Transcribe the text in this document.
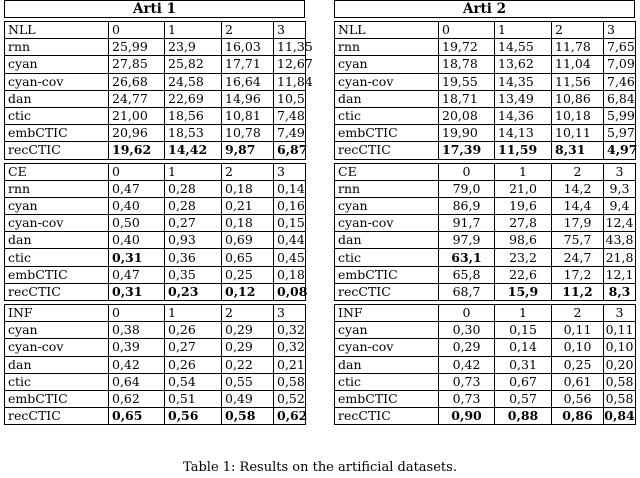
Arti 1
NLL	0	1	2	3
rnn	25,99	23,9	16,03	11,35
cyan	27,85	25,82	17,71	12,67
cyan-cov	26,68	24,58	16,64	11,84
dan	24,77	22,69	14,96	10,5
ctic	21,00	18,56	10,81	7,48
embCTIC	20,96	18,53	10,78	7,49
recCTIC	19,62	14,42	9,87	6,87
CE	0	1	2	3
rnn	0,47	0,28	0,18	0,14
cyan	0,40	0,28	0,21	0,16
cyan-cov	0,50	0,27	0,18	0,15
dan	0,40	0,93	0,69	0,44
ctic	0,31	0,36	0,65	0,45
embCTIC	0,47	0,35	0,25	0,18
recCTIC	0,31	0,23	0,12	0,08
INF	0	1	2	3
cyan	0,38	0,26	0,29	0,32
cyan-cov	0,39	0,27	0,29	0,32
dan	0,42	0,26	0,22	0,21
ctic	0,64	0,54	0,55	0,58
embCTIC	0,62	0,51	0,49	0,52
recCTIC	0,65	0,56	0,58	0,62
Arti 2
NLL	0	1	2	3
rnn	19,72	14,55	11,78	7,65
cyan	18,78	13,62	11,04	7,09
cyan-cov	19,55	14,35	11,56	7,46
dan	18,71	13,49	10,86	6,84
ctic	20,08	14,36	10,18	5,99
embCTIC	19,90	14,13	10,11	5,97
recCTIC	17,39	11,59	8,31	4,97
CE	0	1	2	3
rnn	79,0	21,0	14,2	9,3
cyan	86,9	19,6	14,4	9,4
cyan-cov	91,7	27,8	17,9	12,4
dan	97,9	98,6	75,7	43,8
ctic	63,1	23,2	24,7	21,8
embCTIC	65,8	22,6	17,2	12,1
recCTIC	68,7	15,9	11,2	8,3
INF	0	1	2	3
cyan	0,30	0,15	0,11	0,11
cyan-cov	0,29	0,14	0,10	0,10
dan	0,42	0,31	0,25	0,20
ctic	0,73	0,67	0,61	0,58
embCTIC	0,73	0,57	0,56	0,58
recCTIC	0,90	0,88	0,86	0,84
Table 1: Results on the artificial datasets.
